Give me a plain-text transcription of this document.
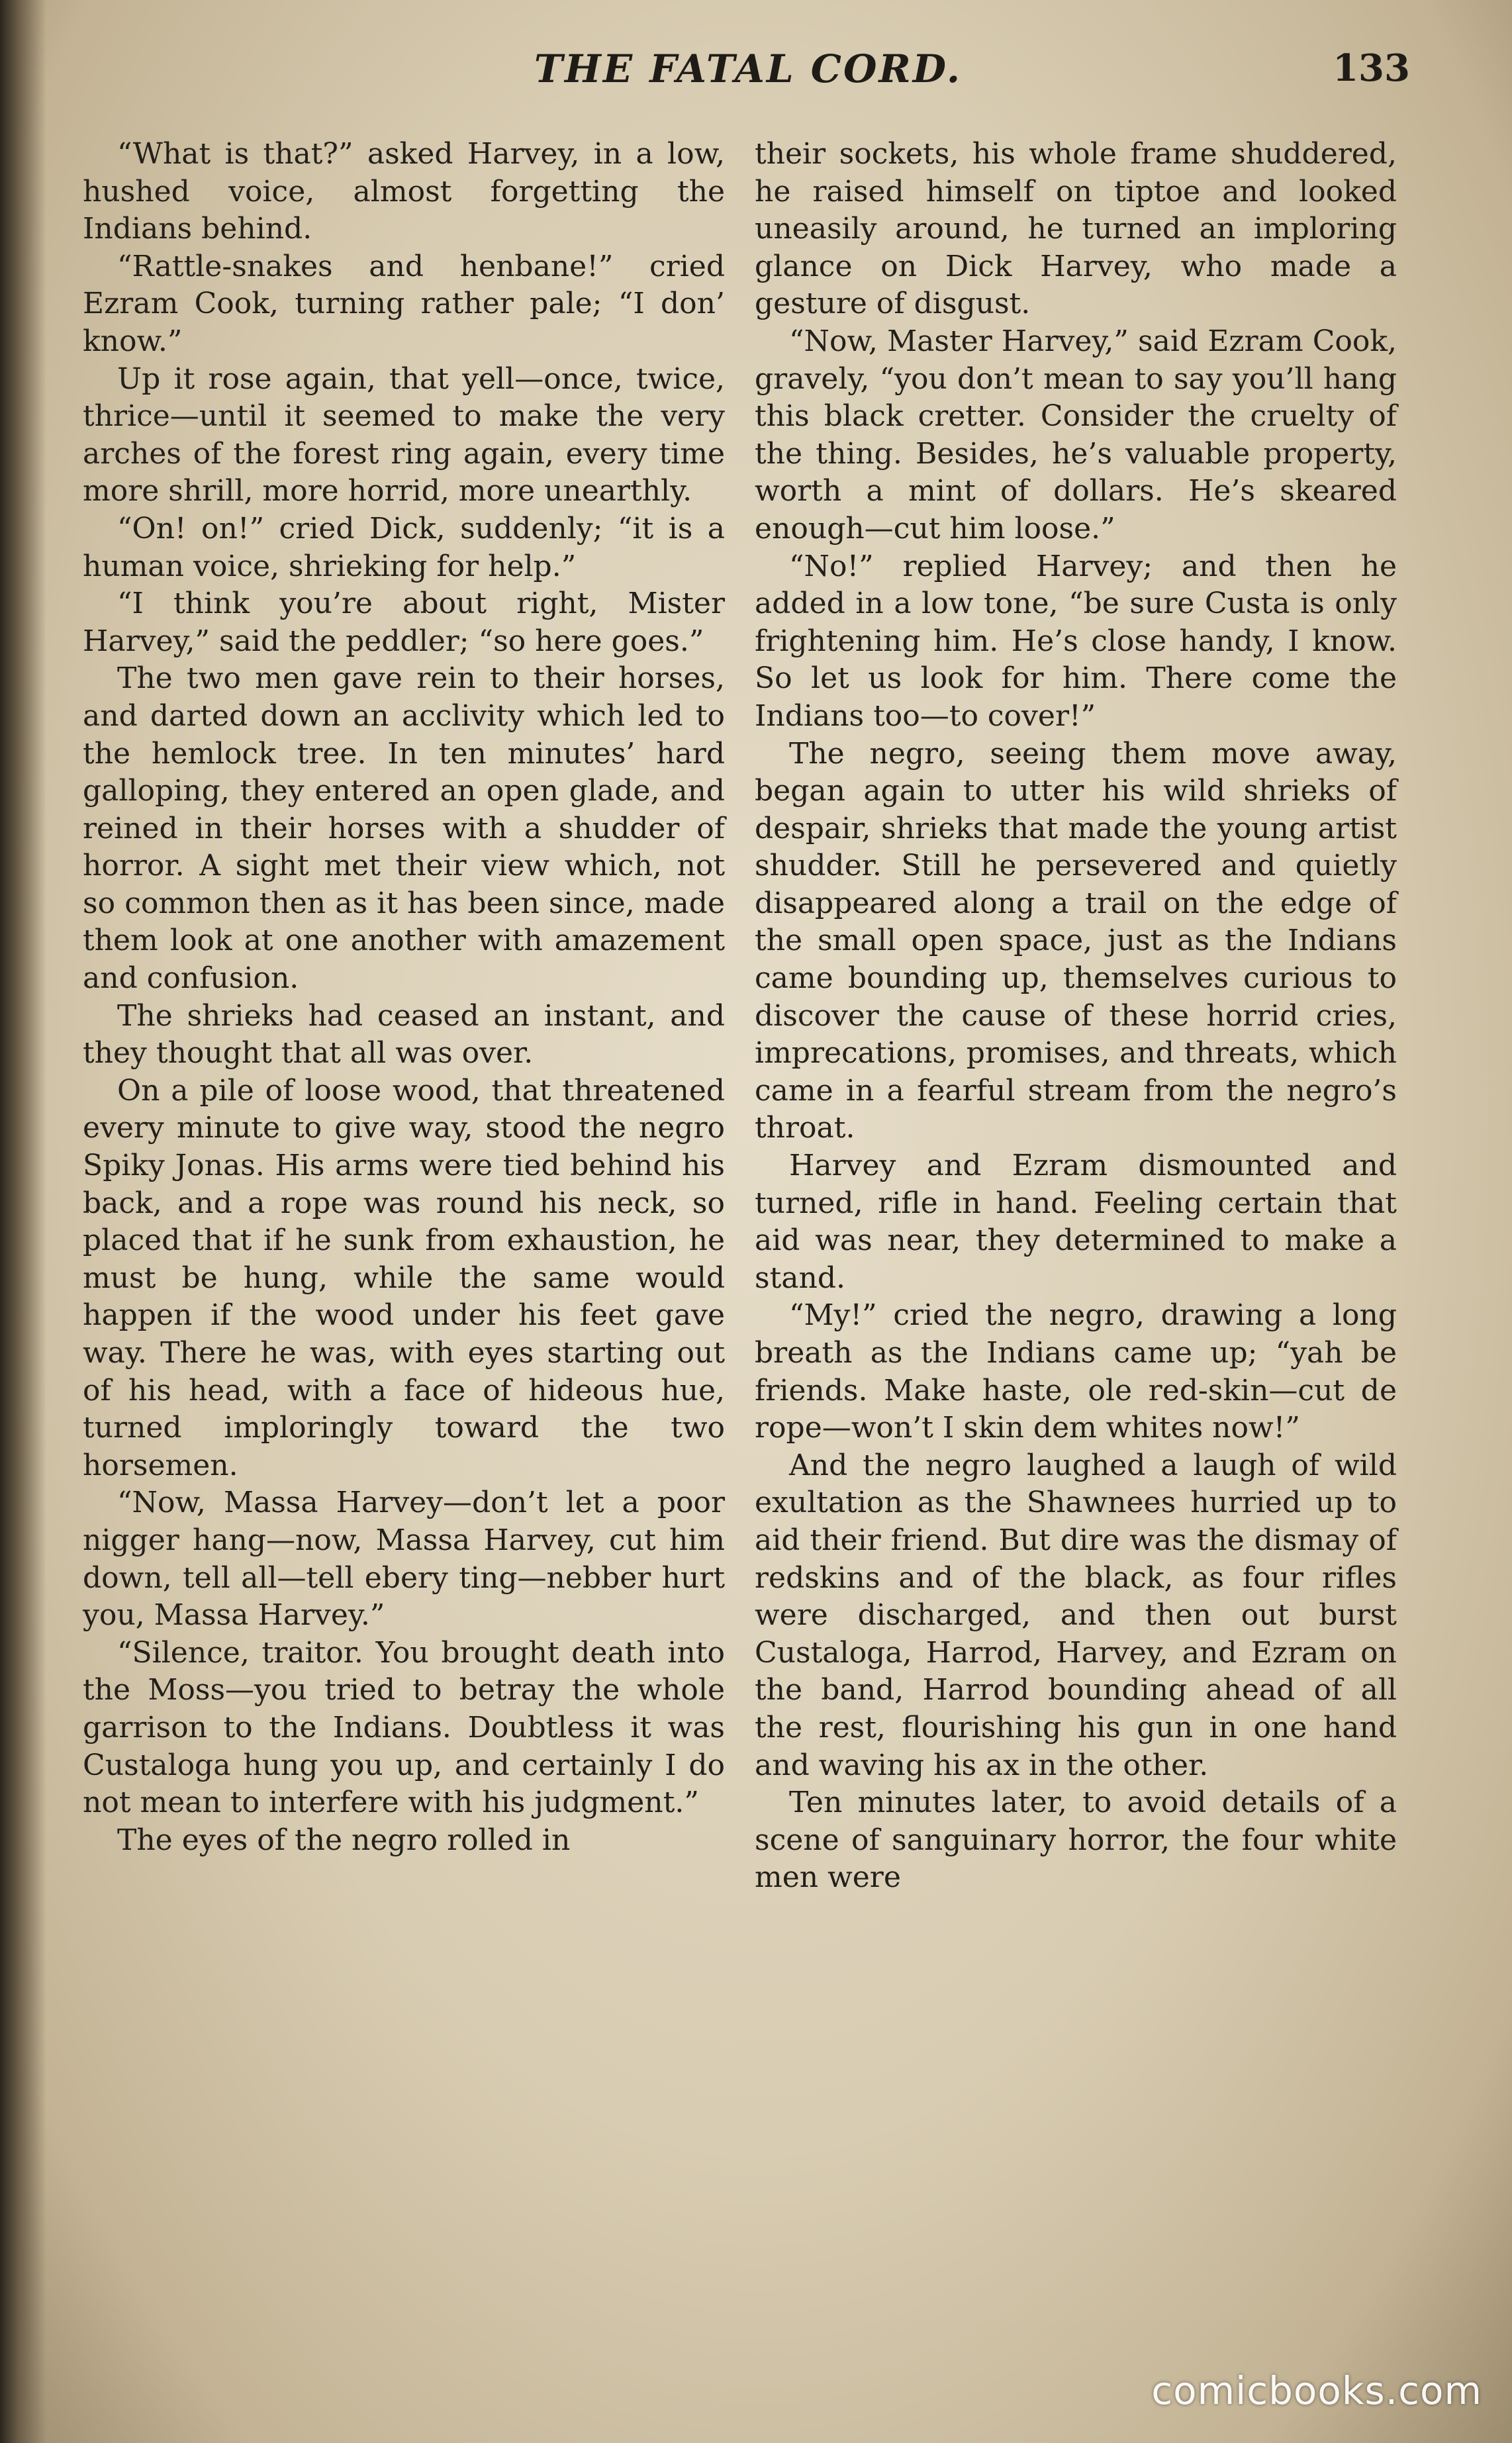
THE FATAL CORD.	133

“What is that?” asked Harvey, in a low, hushed voice, almost forgetting the Indians behind.

“Rattle-snakes and henbane!” cried Ezram Cook, turning rather pale; “I don’ know.”

Up it rose again, that yell—once, twice, thrice—until it seemed to make the very arches of the forest ring again, every time more shrill, more horrid, more unearthly.

“On! on!” cried Dick, suddenly; “it is a human voice, shrieking for help.”

“I think you’re about right, Mister Harvey,” said the peddler; “so here goes.”

The two men gave rein to their horses, and darted down an acclivity which led to the hemlock tree. In ten minutes’ hard galloping, they entered an open glade, and reined in their horses with a shudder of horror. A sight met their view which, not so common then as it has been since, made them look at one another with amazement and confusion.

The shrieks had ceased an instant, and they thought that all was over.

On a pile of loose wood, that threatened every minute to give way, stood the negro Spiky Jonas. His arms were tied behind his back, and a rope was round his neck, so placed that if he sunk from exhaustion, he must be hung, while the same would happen if the wood under his feet gave way. There he was, with eyes starting out of his head, with a face of hideous hue, turned imploringly toward the two horsemen.

“Now, Massa Harvey—don’t let a poor nigger hang—now, Massa Harvey, cut him down, tell all—tell ebery ting—nebber hurt you, Massa Harvey.”

“Silence, traitor. You brought death into the Moss—you tried to betray the whole garrison to the Indians. Doubtless it was Custaloga hung you up, and certainly I do not mean to interfere with his judgment.”

The eyes of the negro rolled in

their sockets, his whole frame shuddered, he raised himself on tiptoe and looked uneasily around, he turned an imploring glance on Dick Harvey, who made a gesture of disgust.

“Now, Master Harvey,” said Ezram Cook, gravely, “you don’t mean to say you’ll hang this black cretter. Consider the cruelty of the thing. Besides, he’s valuable property, worth a mint of dollars. He’s skeared enough—cut him loose.”

“No!” replied Harvey; and then he added in a low tone, “be sure Custa is only frightening him. He’s close handy, I know. So let us look for him. There come the Indians too—to cover!”

The negro, seeing them move away, began again to utter his wild shrieks of despair, shrieks that made the young artist shudder. Still he persevered and quietly disappeared along a trail on the edge of the small open space, just as the Indians came bounding up, themselves curious to discover the cause of these horrid cries, imprecations, promises, and threats, which came in a fearful stream from the negro’s throat.

Harvey and Ezram dismounted and turned, rifle in hand. Feeling certain that aid was near, they determined to make a stand.

“My!” cried the negro, drawing a long breath as the Indians came up; “yah be friends. Make haste, ole red-skin—cut de rope—won’t I skin dem whites now!”

And the negro laughed a laugh of wild exultation as the Shawnees hurried up to aid their friend. But dire was the dismay of redskins and of the black, as four rifles were discharged, and then out burst Custaloga, Harrod, Harvey, and Ezram on the band, Harrod bounding ahead of all the rest, flourishing his gun in one hand and waving his ax in the other.

Ten minutes later, to avoid details of a scene of sanguinary horror, the four white men were

comicbooks.com
